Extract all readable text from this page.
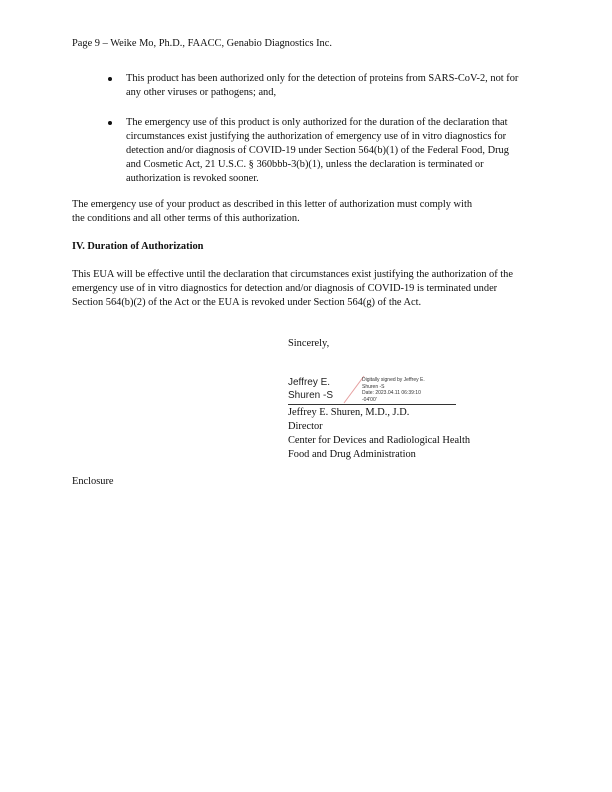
Page 9 – Weike Mo, Ph.D., FAACC, Genabio Diagnostics Inc.
This product has been authorized only for the detection of proteins from SARS-CoV-2, not for any other viruses or pathogens; and,
The emergency use of this product is only authorized for the duration of the declaration that circumstances exist justifying the authorization of emergency use of in vitro diagnostics for detection and/or diagnosis of COVID-19 under Section 564(b)(1) of the Federal Food, Drug and Cosmetic Act, 21 U.S.C. § 360bbb-3(b)(1), unless the declaration is terminated or authorization is revoked sooner.
The emergency use of your product as described in this letter of authorization must comply with the conditions and all other terms of this authorization.
IV. Duration of Authorization
This EUA will be effective until the declaration that circumstances exist justifying the authorization of the emergency use of in vitro diagnostics for detection and/or diagnosis of COVID-19 is terminated under Section 564(b)(2) of the Act or the EUA is revoked under Section 564(g) of the Act.
Sincerely,
Jeffrey E.
Shuren -S
Digitally signed by Jeffrey E.
Shuren -S
Date: 2023.04.11 06:39:10
-04'00'
Jeffrey E. Shuren, M.D., J.D.
Director
Center for Devices and Radiological Health
Food and Drug Administration
Enclosure
